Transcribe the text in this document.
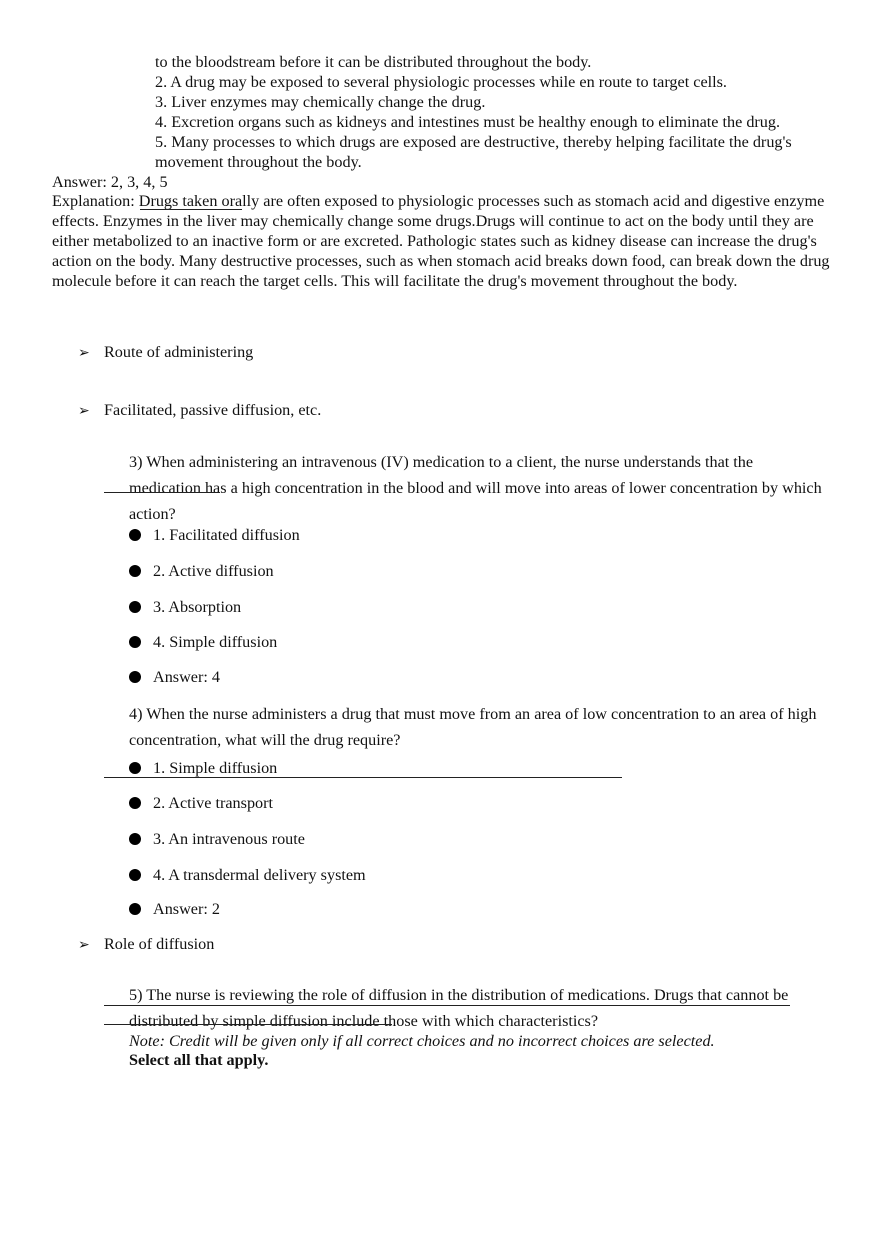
to the bloodstream before it can be distributed throughout the body.
2. A drug may be exposed to several physiologic processes while en route to target cells.
3. Liver enzymes may chemically change the drug.
4. Excretion organs such as kidneys and intestines must be healthy enough to eliminate the drug.
5. Many processes to which drugs are exposed are destructive, thereby helping facilitate the drug's movement throughout the body.
Answer: 2, 3, 4, 5
Explanation: Drugs taken orally are often exposed to physiologic processes such as stomach acid and digestive enzyme effects. Enzymes in the liver may chemically change some drugs.Drugs will continue to act on the body until they are either metabolized to an inactive form or are excreted. Pathologic states such as kidney disease can increase the drug's action on the body. Many destructive processes, such as when stomach acid breaks down food, can break down the drug molecule before it can reach the target cells. This will facilitate the drug's movement throughout the body.
➢ Route of administering
➢ Facilitated, passive diffusion, etc.
3) When administering an intravenous (IV) medication to a client, the nurse understands that the medication has a high concentration in the blood and will move into areas of lower concentration by which action?
1. Facilitated diffusion
2. Active diffusion
3. Absorption
4. Simple diffusion
Answer: 4
4) When the nurse administers a drug that must move from an area of low concentration to an area of high concentration, what will the drug require?
1. Simple diffusion
2. Active transport
3. An intravenous route
4. A transdermal delivery system
Answer: 2
➢ Role of diffusion
5) The nurse is reviewing the role of diffusion in the distribution of medications. Drugs that cannot be distributed by simple diffusion include those with which characteristics?
Note: Credit will be given only if all correct choices and no incorrect choices are selected.
Select all that apply.
